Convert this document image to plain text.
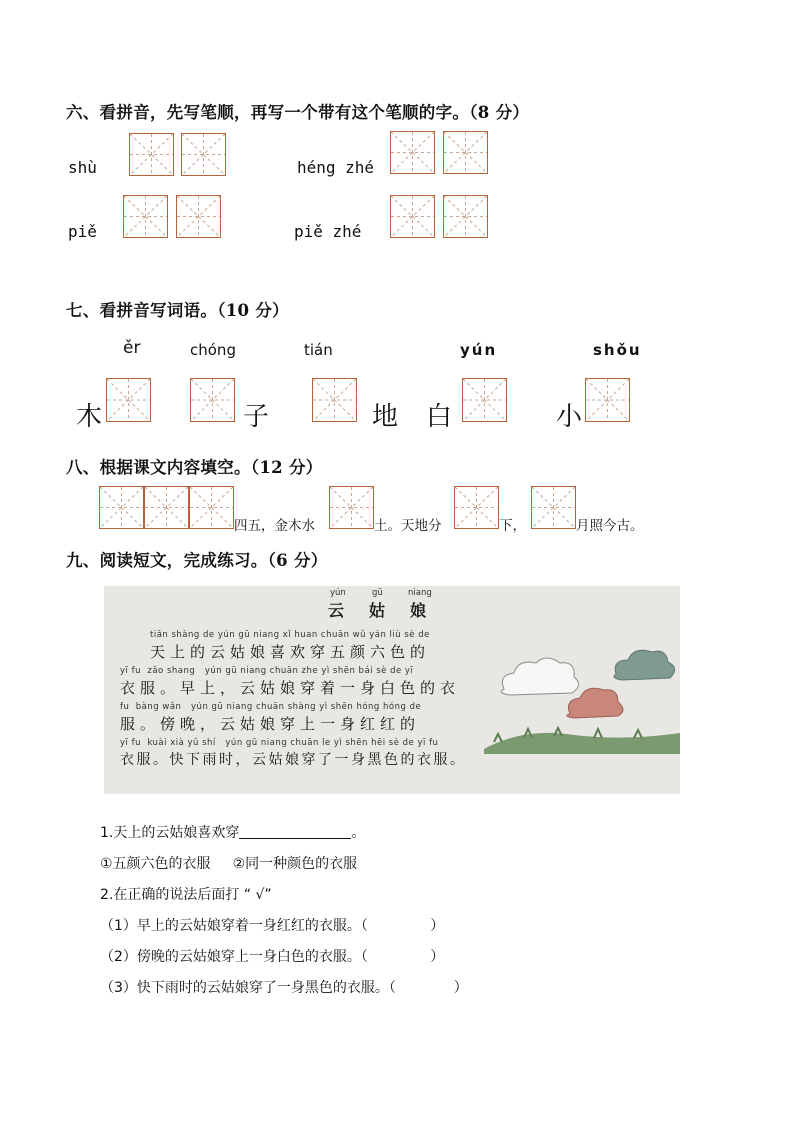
六、看拼音，先写笔顺，再写一个带有这个笔顺的字。（8 分）
shù	héng zhé
piě	piě zhé
七、看拼音写词语。（10 分）
ěr	chóng	tián	yún	shǒu
木	子	地 白	小
八、根据课文内容填空。（12 分）
四五，金木水	土。天地分	下，	月照今古。
九、阅读短文，完成练习。（6 分）
yún	gū	niang
云 姑 娘
tiān shàng de yún gū niang xǐ huan chuān wǔ yán liù sè de
天上的云姑娘喜欢穿五颜六色的
yī fu  zǎo shang   yún gū niang chuān zhe yì shēn bái sè de yī
衣服。早上，云姑娘穿着一身白色的衣
fu  bàng wǎn   yún gū niang chuān shàng yì shēn hóng hóng de
服。傍晚，云姑娘穿上一身红红的
yī fu  kuài xià yǔ shí   yún gū niang chuān le yì shēn hēi sè de yī fu
衣服。快下雨时，云姑娘穿了一身黑色的衣服。
1.天上的云姑娘喜欢穿	。
①五颜六色的衣服 ②同一种颜色的衣服
2.在正确的说法后面打 “ √”
（1）早上的云姑娘穿着一身红红的衣服。（              ）
（2）傍晚的云姑娘穿上一身白色的衣服。（              ）
（3）快下雨时的云姑娘穿了一身黑色的衣服。（             ）
